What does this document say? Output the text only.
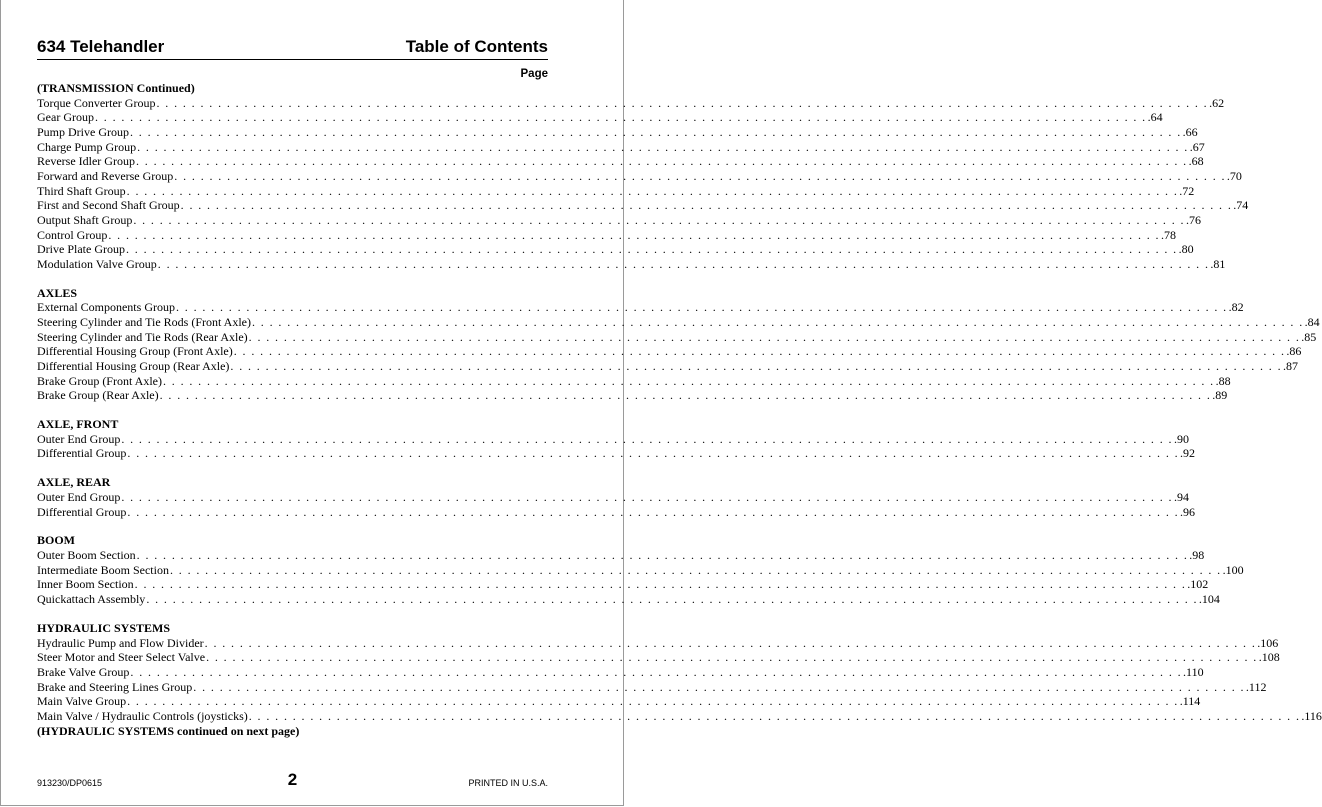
634 Telehandler	Table of Contents
Page
(TRANSMISSION Continued)
Torque Converter Group . . . . . . . . . . . . . . . . . . . . . . . . . . . . . . . . . . . . . . . . . . . . . . . . . . . . . . . . . . . . . . . . . . . . . . . . . . . . . . . . . . . . . . . . . . . . . . . . . . . . . . . . . . . . . . . . . . . . . . . . .62
Gear Group . . . . . . . . . . . . . . . . . . . . . . . . . . . . . . . . . . . . . . . . . . . . . . . . . . . . . . . . . . . . . . . . . . . . . . . . . . . . . . . . . . . . . . . . . . . . . . . . . . . . . . . . . . . . . . . . . . . . . . . . .64
Pump Drive Group . . . . . . . . . . . . . . . . . . . . . . . . . . . . . . . . . . . . . . . . . . . . . . . . . . . . . . . . . . . . . . . . . . . . . . . . . . . . . . . . . . . . . . . . . . . . . . . . . . . . . . . . . . . . . . . . . . . . . . . . .66
Charge Pump Group . . . . . . . . . . . . . . . . . . . . . . . . . . . . . . . . . . . . . . . . . . . . . . . . . . . . . . . . . . . . . . . . . . . . . . . . . . . . . . . . . . . . . . . . . . . . . . . . . . . . . . . . . . . . . . . . . . . . . . . . .67
Reverse Idler Group . . . . . . . . . . . . . . . . . . . . . . . . . . . . . . . . . . . . . . . . . . . . . . . . . . . . . . . . . . . . . . . . . . . . . . . . . . . . . . . . . . . . . . . . . . . . . . . . . . . . . . . . . . . . . . . . . . . . . . . . .68
Forward and Reverse Group . . . . . . . . . . . . . . . . . . . . . . . . . . . . . . . . . . . . . . . . . . . . . . . . . . . . . . . . . . . . . . . . . . . . . . . . . . . . . . . . . . . . . . . . . . . . . . . . . . . . . . . . . . . . . . . . . . . . . . . . .70
Third Shaft Group . . . . . . . . . . . . . . . . . . . . . . . . . . . . . . . . . . . . . . . . . . . . . . . . . . . . . . . . . . . . . . . . . . . . . . . . . . . . . . . . . . . . . . . . . . . . . . . . . . . . . . . . . . . . . . . . . . . . . . . . .72
First and Second Shaft Group . . . . . . . . . . . . . . . . . . . . . . . . . . . . . . . . . . . . . . . . . . . . . . . . . . . . . . . . . . . . . . . . . . . . . . . . . . . . . . . . . . . . . . . . . . . . . . . . . . . . . . . . . . . . . . . . . . . . . . . . .74
Output Shaft Group . . . . . . . . . . . . . . . . . . . . . . . . . . . . . . . . . . . . . . . . . . . . . . . . . . . . . . . . . . . . . . . . . . . . . . . . . . . . . . . . . . . . . . . . . . . . . . . . . . . . . . . . . . . . . . . . . . . . . . . . .76
Control Group . . . . . . . . . . . . . . . . . . . . . . . . . . . . . . . . . . . . . . . . . . . . . . . . . . . . . . . . . . . . . . . . . . . . . . . . . . . . . . . . . . . . . . . . . . . . . . . . . . . . . . . . . . . . . . . . . . . . . . . . .78
Drive Plate Group . . . . . . . . . . . . . . . . . . . . . . . . . . . . . . . . . . . . . . . . . . . . . . . . . . . . . . . . . . . . . . . . . . . . . . . . . . . . . . . . . . . . . . . . . . . . . . . . . . . . . . . . . . . . . . . . . . . . . . . . .80
Modulation Valve Group . . . . . . . . . . . . . . . . . . . . . . . . . . . . . . . . . . . . . . . . . . . . . . . . . . . . . . . . . . . . . . . . . . . . . . . . . . . . . . . . . . . . . . . . . . . . . . . . . . . . . . . . . . . . . . . . . . . . . . . . .81
AXLES
External Components Group . . . . . . . . . . . . . . . . . . . . . . . . . . . . . . . . . . . . . . . . . . . . . . . . . . . . . . . . . . . . . . . . . . . . . . . . . . . . . . . . . . . . . . . . . . . . . . . . . . . . . . . . . . . . . . . . . . . . . . . . .82
Steering Cylinder and Tie Rods (Front Axle) . . . . . . . . . . . . . . . . . . . . . . . . . . . . . . . . . . . . . . . . . . . . . . . . . . . . . . . . . . . . . . . . . . . . . . . . . . . . . . . . . . . . . . . . . . . . . . . . . . . . . . . . . . . . . . . . . . . . . . . . .84
Steering Cylinder and Tie Rods (Rear Axle) . . . . . . . . . . . . . . . . . . . . . . . . . . . . . . . . . . . . . . . . . . . . . . . . . . . . . . . . . . . . . . . . . . . . . . . . . . . . . . . . . . . . . . . . . . . . . . . . . . . . . . . . . . . . . . . . . . . . . . . . .85
Differential Housing Group (Front Axle) . . . . . . . . . . . . . . . . . . . . . . . . . . . . . . . . . . . . . . . . . . . . . . . . . . . . . . . . . . . . . . . . . . . . . . . . . . . . . . . . . . . . . . . . . . . . . . . . . . . . . . . . . . . . . . . . . . . . . . . . .86
Differential Housing Group (Rear Axle) . . . . . . . . . . . . . . . . . . . . . . . . . . . . . . . . . . . . . . . . . . . . . . . . . . . . . . . . . . . . . . . . . . . . . . . . . . . . . . . . . . . . . . . . . . . . . . . . . . . . . . . . . . . . . . . . . . . . . . . . .87
Brake Group (Front Axle) . . . . . . . . . . . . . . . . . . . . . . . . . . . . . . . . . . . . . . . . . . . . . . . . . . . . . . . . . . . . . . . . . . . . . . . . . . . . . . . . . . . . . . . . . . . . . . . . . . . . . . . . . . . . . . . . . . . . . . . . .88
Brake Group (Rear Axle) . . . . . . . . . . . . . . . . . . . . . . . . . . . . . . . . . . . . . . . . . . . . . . . . . . . . . . . . . . . . . . . . . . . . . . . . . . . . . . . . . . . . . . . . . . . . . . . . . . . . . . . . . . . . . . . . . . . . . . . . .89
AXLE, FRONT
Outer End Group . . . . . . . . . . . . . . . . . . . . . . . . . . . . . . . . . . . . . . . . . . . . . . . . . . . . . . . . . . . . . . . . . . . . . . . . . . . . . . . . . . . . . . . . . . . . . . . . . . . . . . . . . . . . . . . . . . . . . . . . .90
Differential Group . . . . . . . . . . . . . . . . . . . . . . . . . . . . . . . . . . . . . . . . . . . . . . . . . . . . . . . . . . . . . . . . . . . . . . . . . . . . . . . . . . . . . . . . . . . . . . . . . . . . . . . . . . . . . . . . . . . . . . . . .92
AXLE, REAR
Outer End Group . . . . . . . . . . . . . . . . . . . . . . . . . . . . . . . . . . . . . . . . . . . . . . . . . . . . . . . . . . . . . . . . . . . . . . . . . . . . . . . . . . . . . . . . . . . . . . . . . . . . . . . . . . . . . . . . . . . . . . . . .94
Differential Group . . . . . . . . . . . . . . . . . . . . . . . . . . . . . . . . . . . . . . . . . . . . . . . . . . . . . . . . . . . . . . . . . . . . . . . . . . . . . . . . . . . . . . . . . . . . . . . . . . . . . . . . . . . . . . . . . . . . . . . . .96
BOOM
Outer Boom Section . . . . . . . . . . . . . . . . . . . . . . . . . . . . . . . . . . . . . . . . . . . . . . . . . . . . . . . . . . . . . . . . . . . . . . . . . . . . . . . . . . . . . . . . . . . . . . . . . . . . . . . . . . . . . . . . . . . . . . . . .98
Intermediate Boom Section . . . . . . . . . . . . . . . . . . . . . . . . . . . . . . . . . . . . . . . . . . . . . . . . . . . . . . . . . . . . . . . . . . . . . . . . . . . . . . . . . . . . . . . . . . . . . . . . . . . . . . . . . . . . . . . . . . . . . . . . .100
Inner Boom Section . . . . . . . . . . . . . . . . . . . . . . . . . . . . . . . . . . . . . . . . . . . . . . . . . . . . . . . . . . . . . . . . . . . . . . . . . . . . . . . . . . . . . . . . . . . . . . . . . . . . . . . . . . . . . . . . . . . . . . . . .102
Quickattach Assembly . . . . . . . . . . . . . . . . . . . . . . . . . . . . . . . . . . . . . . . . . . . . . . . . . . . . . . . . . . . . . . . . . . . . . . . . . . . . . . . . . . . . . . . . . . . . . . . . . . . . . . . . . . . . . . . . . . . . . . . . .104
HYDRAULIC SYSTEMS
Hydraulic Pump and Flow Divider . . . . . . . . . . . . . . . . . . . . . . . . . . . . . . . . . . . . . . . . . . . . . . . . . . . . . . . . . . . . . . . . . . . . . . . . . . . . . . . . . . . . . . . . . . . . . . . . . . . . . . . . . . . . . . . . . . . . . . . . .106
Steer Motor and Steer Select Valve . . . . . . . . . . . . . . . . . . . . . . . . . . . . . . . . . . . . . . . . . . . . . . . . . . . . . . . . . . . . . . . . . . . . . . . . . . . . . . . . . . . . . . . . . . . . . . . . . . . . . . . . . . . . . . . . . . . . . . . . .108
Brake Valve Group . . . . . . . . . . . . . . . . . . . . . . . . . . . . . . . . . . . . . . . . . . . . . . . . . . . . . . . . . . . . . . . . . . . . . . . . . . . . . . . . . . . . . . . . . . . . . . . . . . . . . . . . . . . . . . . . . . . . . . . . .110
Brake and Steering Lines Group . . . . . . . . . . . . . . . . . . . . . . . . . . . . . . . . . . . . . . . . . . . . . . . . . . . . . . . . . . . . . . . . . . . . . . . . . . . . . . . . . . . . . . . . . . . . . . . . . . . . . . . . . . . . . . . . . . . . . . . . .112
Main Valve Group . . . . . . . . . . . . . . . . . . . . . . . . . . . . . . . . . . . . . . . . . . . . . . . . . . . . . . . . . . . . . . . . . . . . . . . . . . . . . . . . . . . . . . . . . . . . . . . . . . . . . . . . . . . . . . . . . . . . . . . . .114
Main Valve / Hydraulic Controls (joysticks) . . . . . . . . . . . . . . . . . . . . . . . . . . . . . . . . . . . . . . . . . . . . . . . . . . . . . . . . . . . . . . . . . . . . . . . . . . . . . . . . . . . . . . . . . . . . . . . . . . . . . . . . . . . . . . . . . . . . . . . . .116
(HYDRAULIC SYSTEMS continued on next page)
913230/DP0615	2	PRINTED IN U.S.A.
